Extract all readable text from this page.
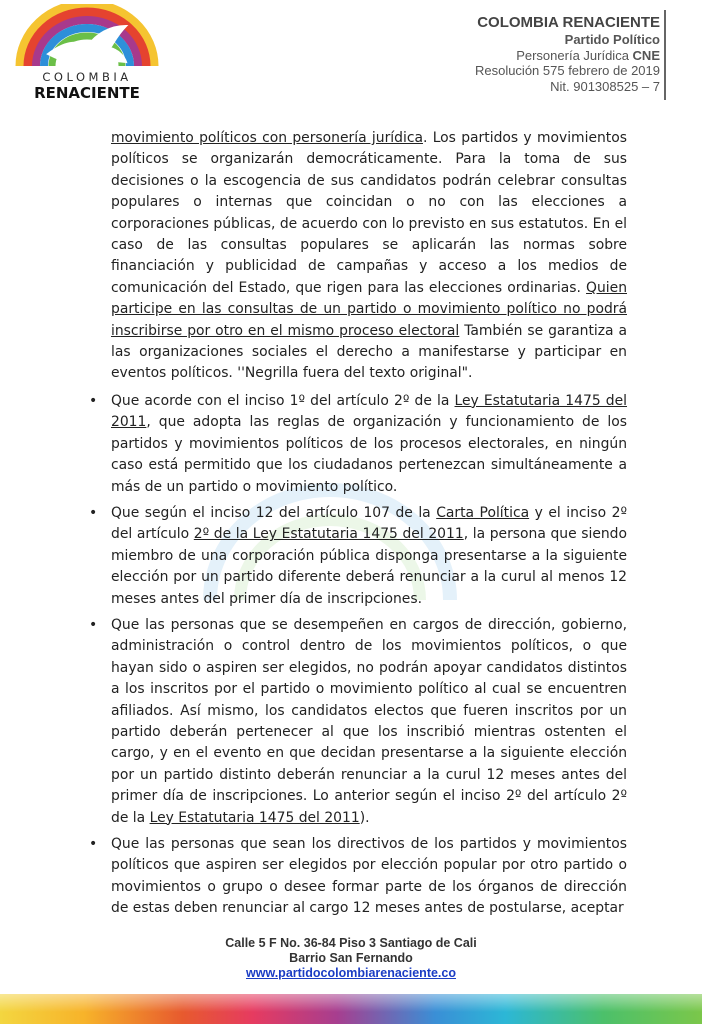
COLOMBIA
RENACIENTE
COLOMBIA RENACIENTE
Partido Político
Personería Jurídica CNE
Resolución 575 febrero de 2019
Nit. 901308525 – 7

movimiento políticos con personería jurídica. Los partidos y movimientos políticos se organizarán democráticamente. Para la toma de sus decisiones o la escogencia de sus candidatos podrán celebrar consultas populares o internas que coincidan o no con las elecciones a corporaciones públicas, de acuerdo con lo previsto en sus estatutos. En el caso de las consultas populares se aplicarán las normas sobre financiación y publicidad de campañas y acceso a los medios de comunicación del Estado, que rigen para las elecciones ordinarias. Quien participe en las consultas de un partido o movimiento político no podrá inscribirse por otro en el mismo proceso electoral También se garantiza a las organizaciones sociales el derecho a manifestarse y participar en eventos políticos. ''Negrilla fuera del texto original".

• Que acorde con el inciso 1º del artículo 2º de la Ley Estatutaria 1475 del 2011, que adopta las reglas de organización y funcionamiento de los partidos y movimientos políticos de los procesos electorales, en ningún caso está permitido que los ciudadanos pertenezcan simultáneamente a más de un partido o movimiento político.
• Que según el inciso 12 del artículo 107 de la Carta Política y el inciso 2º del artículo 2º de la Ley Estatutaria 1475 del 2011, la persona que siendo miembro de una corporación pública disponga presentarse a la siguiente elección por un partido diferente deberá renunciar a la curul al menos 12 meses antes del primer día de inscripciones.
• Que las personas que se desempeñen en cargos de dirección, gobierno, administración o control dentro de los movimientos políticos, o que hayan sido o aspiren ser elegidos, no podrán apoyar candidatos distintos a los inscritos por el partido o movimiento político al cual se encuentren afiliados. Así mismo, los candidatos electos que fueren inscritos por un partido deberán pertenecer al que los inscribió mientras ostenten el cargo, y en el evento en que decidan presentarse a la siguiente elección por un partido distinto deberán renunciar a la curul 12 meses antes del primer día de inscripciones. Lo anterior según el inciso 2º del artículo 2º de la Ley Estatutaria 1475 del 2011).
• Que las personas que sean los directivos de los partidos y movimientos políticos que aspiren ser elegidos por elección popular por otro partido o movimientos o grupo o desee formar parte de los órganos de dirección de estas deben renunciar al cargo 12 meses antes de postularse, aceptar
Calle 5 F No. 36-84 Piso 3 Santiago de Cali
Barrio San Fernando
www.partidocolombiarenaciente.co
